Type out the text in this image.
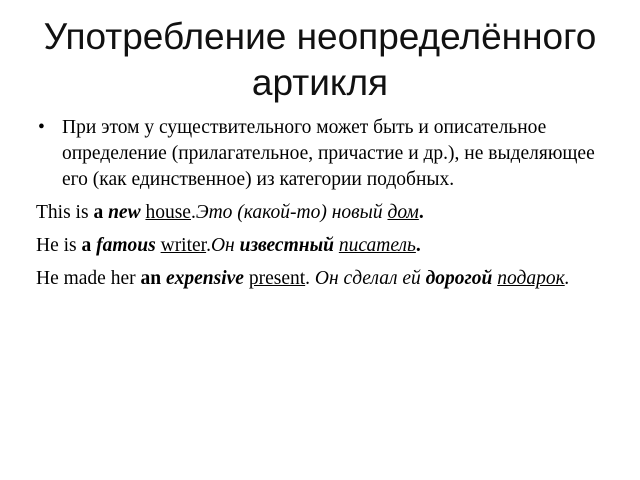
Употребление неопределённого
артикля
• При этом у существительного может быть и описательное определение (прилагательное, причастие и др.), не выделяющее его (как единственное) из категории подобных.
This is a new house.Это (какой-то) новый дом.
He is a famous writer.Он известный писатель.
He made her an expensive present. Он сделал ей дорогой подарок.
